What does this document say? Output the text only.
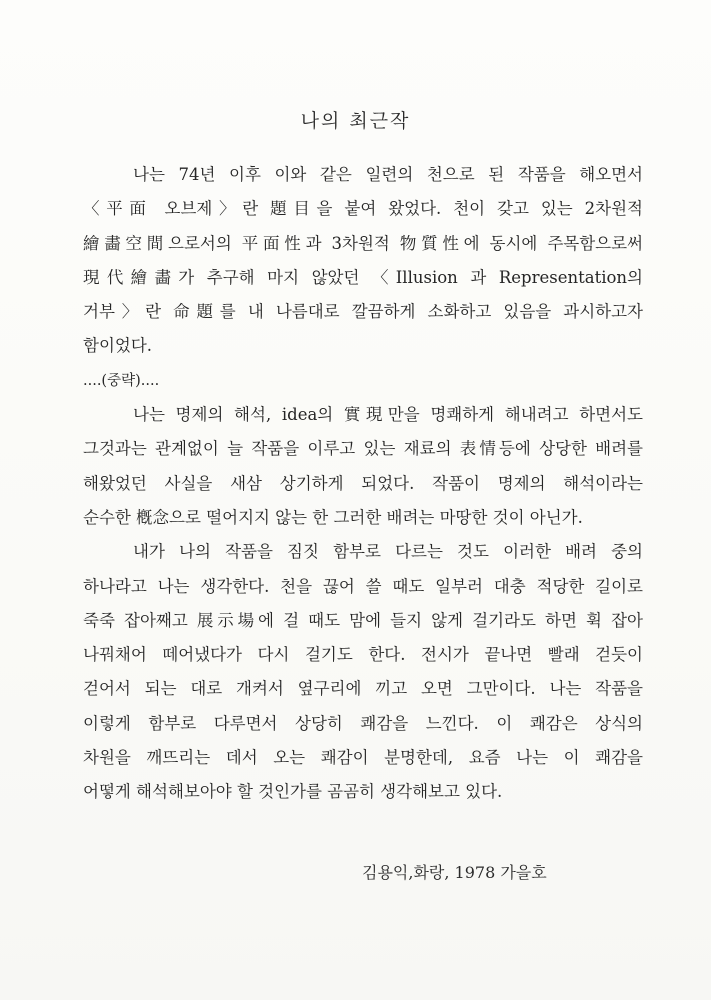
나의 최근작
나는 74년 이후 이와 같은 일련의 천으로 된 작품을 해오면서
〈平面 오브제〉란 題目을 붙여 왔었다. 천이 갖고 있는 2차원적
繪畵空間으로서의 平面性과 3차원적 物質性에 동시에 주목함으로써
現代繪畵가 추구해 마지 않았던 〈Illusion 과 Representation의
거부〉란 命題를 내 나름대로 깔끔하게 소화하고 있음을 과시하고자
함이었다.
....(중략)....
나는 명제의 해석, idea의 實現만을 명쾌하게 해내려고 하면서도
그것과는 관계없이 늘 작품을 이루고 있는 재료의 表情등에 상당한 배려를
해왔었던 사실을 새삼 상기하게 되었다. 작품이 명제의 해석이라는
순수한 槪念으로 떨어지지 않는 한 그러한 배려는 마땅한 것이 아닌가.
내가 나의 작품을 짐짓 함부로 다르는 것도 이러한 배려 중의
하나라고 나는 생각한다. 천을 끊어 쓸 때도 일부러 대충 적당한 길이로
죽죽 잡아째고 展示場에 걸 때도 맘에 들지 않게 걸기라도 하면 휙 잡아
나꿔채어 떼어냈다가 다시 걸기도 한다. 전시가 끝나면 빨래 걷듯이
걷어서 되는 대로 개켜서 옆구리에 끼고 오면 그만이다. 나는 작품을
이렇게 함부로 다루면서 상당히 쾌감을 느낀다. 이 쾌감은 상식의
차원을 깨뜨리는 데서 오는 쾌감이 분명한데, 요즘 나는 이 쾌감을
어떻게 해석해보아야 할 것인가를 곰곰히 생각해보고 있다.
김용익,화랑, 1978 가을호
